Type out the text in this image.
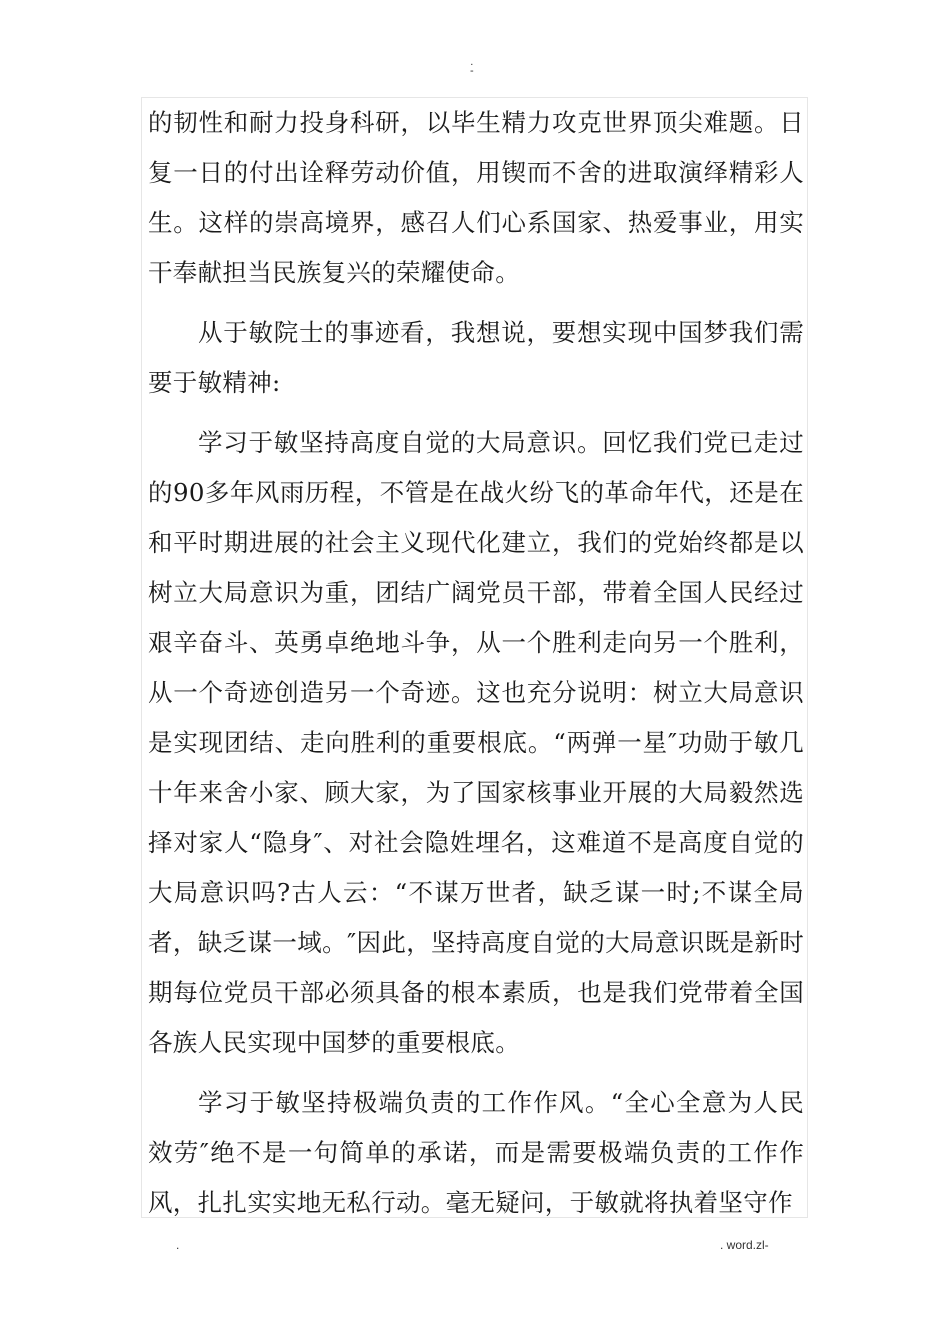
.
-

的韧性和耐力投身科研，以毕生精力攻克世界顶尖难题。日复一日的付出诠释劳动价值，用锲而不舍的进取演绎精彩人生。这样的崇高境界，感召人们心系国家、热爱事业，用实干奉献担当民族复兴的荣耀使命。

从于敏院士的事迹看，我想说，要想实现中国梦我们需要于敏精神:

学习于敏坚持高度自觉的大局意识。回忆我们党已走过的90多年风雨历程，不管是在战火纷飞的革命年代，还是在和平时期进展的社会主义现代化建立，我们的党始终都是以树立大局意识为重，团结广阔党员干部，带着全国人民经过艰辛奋斗、英勇卓绝地斗争，从一个胜利走向另一个胜利，从一个奇迹创造另一个奇迹。这也充分说明：树立大局意识是实现团结、走向胜利的重要根底。“两弹一星″功勋于敏几十年来舍小家、顾大家，为了国家核事业开展的大局毅然选择对家人“隐身″、对社会隐姓埋名，这难道不是高度自觉的大局意识吗?古人云：“不谋万世者，缺乏谋一时;不谋全局者，缺乏谋一域。″因此，坚持高度自觉的大局意识既是新时期每位党员干部必须具备的根本素质，也是我们党带着全国各族人民实现中国梦的重要根底。

学习于敏坚持极端负责的工作作风。“全心全意为人民效劳″绝不是一句简单的承诺，而是需要极端负责的工作作风，扎扎实实地无私行动。毫无疑问，于敏就将执着坚守作

.	. word.zl-
